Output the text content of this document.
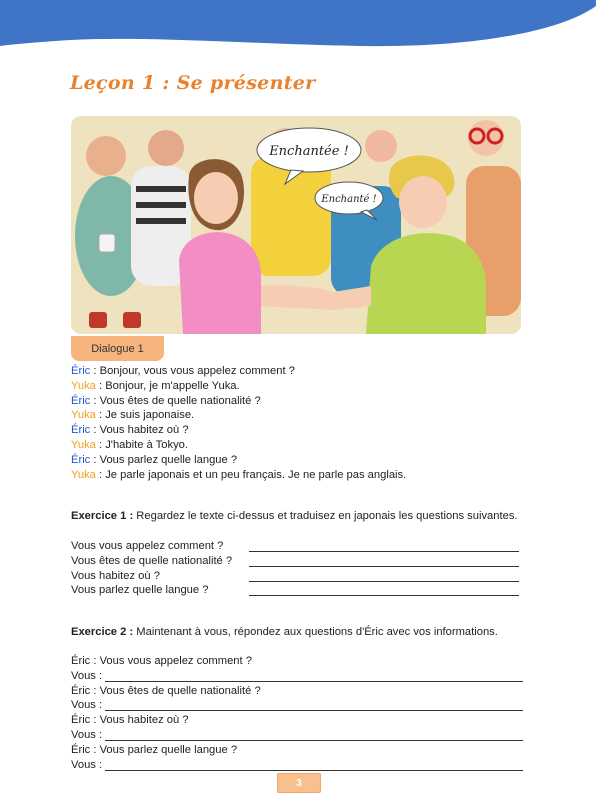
Leçon 1 : Se présenter
Enchantée !
Enchanté !
Dialogue 1
Éric : Bonjour, vous vous appelez comment ?
Yuka : Bonjour, je m'appelle Yuka.
Éric : Vous êtes de quelle nationalité ?
Yuka : Je suis japonaise.
Éric : Vous habitez où ?
Yuka : J'habite à Tokyo.
Éric : Vous parlez quelle langue ?
Yuka : Je parle japonais et un peu français. Je ne parle pas anglais.
Exercice 1 : Regardez le texte ci-dessus et traduisez en japonais les questions suivantes.
Vous vous appelez comment ?
Vous êtes de quelle nationalité ?
Vous habitez où ?
Vous parlez quelle langue ?
Exercice 2 : Maintenant à vous, répondez aux questions d'Éric avec vos informations.
Éric : Vous vous appelez comment ?
Vous :
Éric : Vous êtes de quelle nationalité ?
Vous :
Éric : Vous habitez où ?
Vous :
Éric : Vous parlez quelle langue ?
Vous :
3
